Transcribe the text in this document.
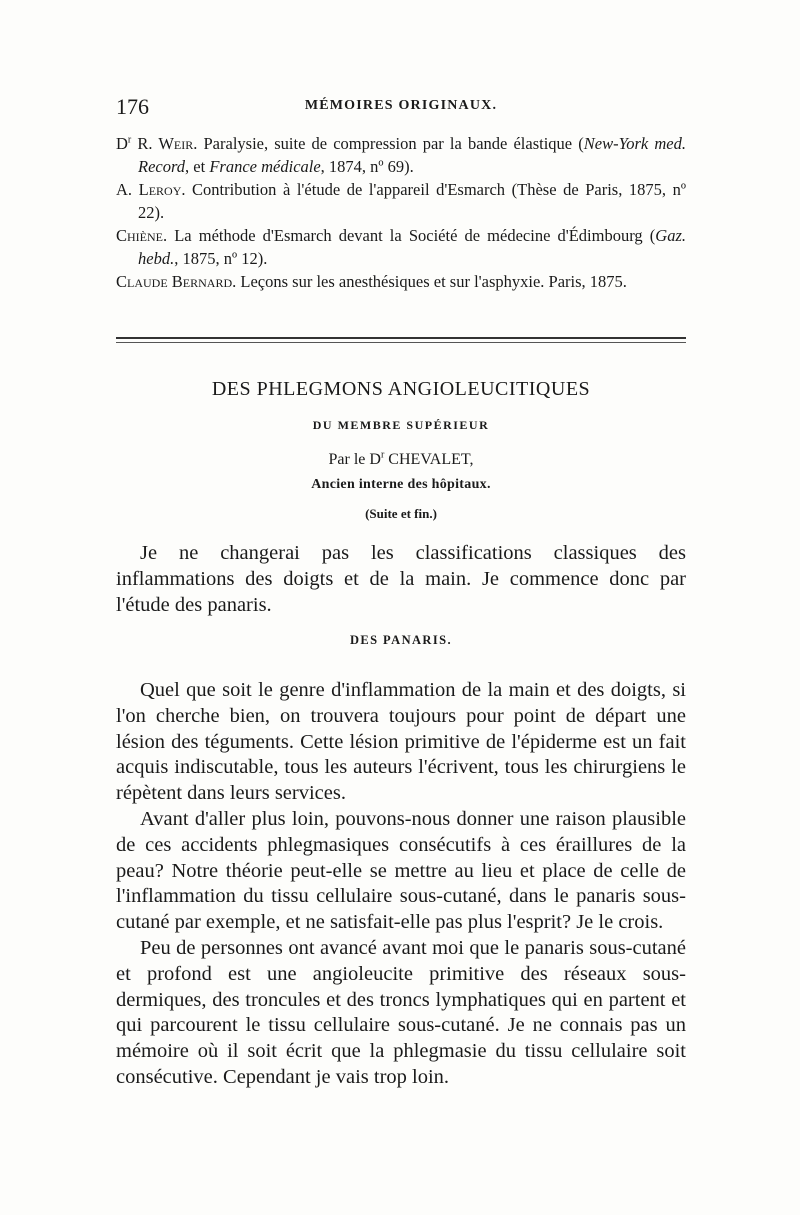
176	MÉMOIRES ORIGINAUX.

$D^r$ R. Weir. Paralysie, suite de compression par la bande élastique (New-York med. Record, et France médicale, 1874, nº 69).

A. Leroy. Contribution à l'étude de l'appareil d'Esmarch (Thèse de Paris, 1875, nº 22).

Chiène. La méthode d'Esmarch devant la Société de médecine d'Édimbourg (Gaz. hebd., 1875, nº 12).

Claude Bernard. Leçons sur les anesthésiques et sur l'asphyxie. Paris, 1875.

DES PHLEGMONS ANGIOLEUCITIQUES
DU MEMBRE SUPÉRIEUR
Par le $D^r$ CHEVALET,
Ancien interne des hôpitaux.
(Suite et fin.)

Je ne changerai pas les classifications classiques des inflammations des doigts et de la main. Je commence donc par l'étude des panaris.

DES PANARIS.

Quel que soit le genre d'inflammation de la main et des doigts, si l'on cherche bien, on trouvera toujours pour point de départ une lésion des téguments. Cette lésion primitive de l'épiderme est un fait acquis indiscutable, tous les auteurs l'écrivent, tous les chirurgiens le répètent dans leurs services.

Avant d'aller plus loin, pouvons-nous donner une raison plausible de ces accidents phlegmasiques consécutifs à ces éraillures de la peau? Notre théorie peut-elle se mettre au lieu et place de celle de l'inflammation du tissu cellulaire sous-cutané, dans le panaris sous-cutané par exemple, et ne satisfait-elle pas plus l'esprit? Je le crois.

Peu de personnes ont avancé avant moi que le panaris sous-cutané et profond est une angioleucite primitive des réseaux sous-dermiques, des troncules et des troncs lymphatiques qui en partent et qui parcourent le tissu cellulaire sous-cutané. Je ne connais pas un mémoire où il soit écrit que la phlegmasie du tissu cellulaire soit consécutive. Cependant je vais trop loin.
